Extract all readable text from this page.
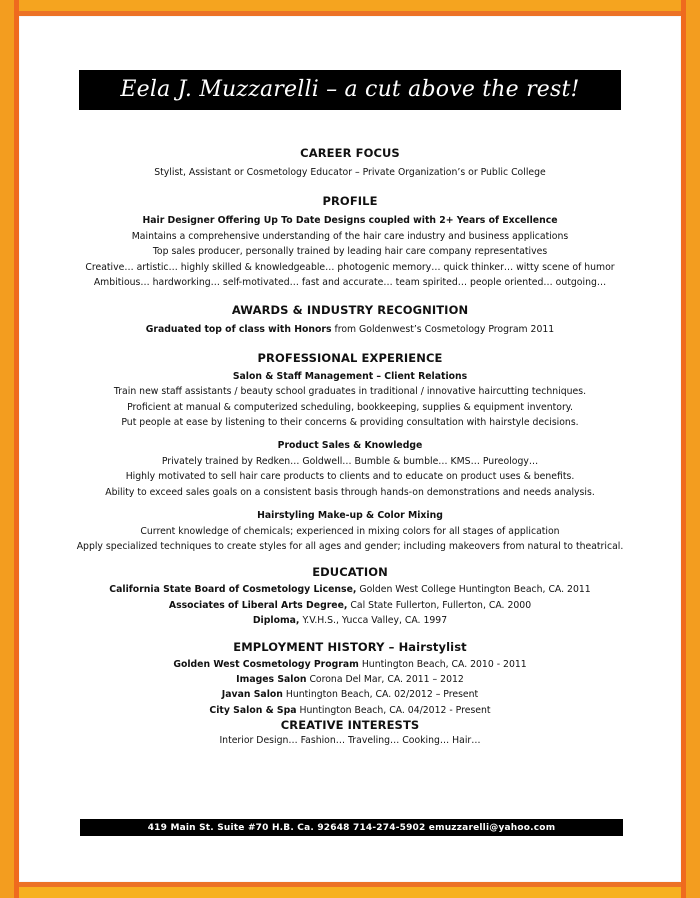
Eela J. Muzzarelli – a cut above the rest!

CAREER FOCUS

Stylist, Assistant or Cosmetology Educator – Private Organization’s or Public College

PROFILE

Hair Designer Offering Up To Date Designs coupled with 2+ Years of Excellence

Maintains a comprehensive understanding of the hair care industry and business applications

Top sales producer, personally trained by leading hair care company representatives

Creative… artistic… highly skilled & knowledgeable… photogenic memory… quick thinker… witty scene of humor

Ambitious… hardworking… self-motivated… fast and accurate… team spirited… people oriented… outgoing…

AWARDS & INDUSTRY RECOGNITION

Graduated top of class with Honors from Goldenwest’s Cosmetology Program 2011

PROFESSIONAL EXPERIENCE

Salon & Staff Management – Client Relations

Train new staff assistants / beauty school graduates in traditional / innovative haircutting techniques.

Proficient at manual & computerized scheduling, bookkeeping, supplies & equipment inventory.

Put people at ease by listening to their concerns & providing consultation with hairstyle decisions.

Product Sales & Knowledge

Privately trained by Redken… Goldwell… Bumble & bumble… KMS… Pureology…

Highly motivated to sell hair care products to clients and to educate on product uses & benefits.

Ability to exceed sales goals on a consistent basis through hands-on demonstrations and needs analysis.

Hairstyling Make-up & Color Mixing

Current knowledge of chemicals; experienced in mixing colors for all stages of application

Apply specialized techniques to create styles for all ages and gender; including makeovers from natural to theatrical.

EDUCATION

California State Board of Cosmetology License, Golden West College Huntington Beach, CA. 2011

Associates of Liberal Arts Degree, Cal State Fullerton, Fullerton, CA. 2000

Diploma, Y.V.H.S., Yucca Valley, CA. 1997

EMPLOYMENT HISTORY – Hairstylist

Golden West Cosmetology Program Huntington Beach, CA. 2010 - 2011

Images Salon Corona Del Mar, CA. 2011 – 2012

Javan Salon Huntington Beach, CA. 02/2012 – Present

City Salon & Spa Huntington Beach, CA. 04/2012 - Present

CREATIVE INTERESTS

Interior Design… Fashion… Traveling… Cooking… Hair…

419 Main St. Suite #70 H.B. Ca. 92648 714-274-5902 emuzzarelli@yahoo.com
